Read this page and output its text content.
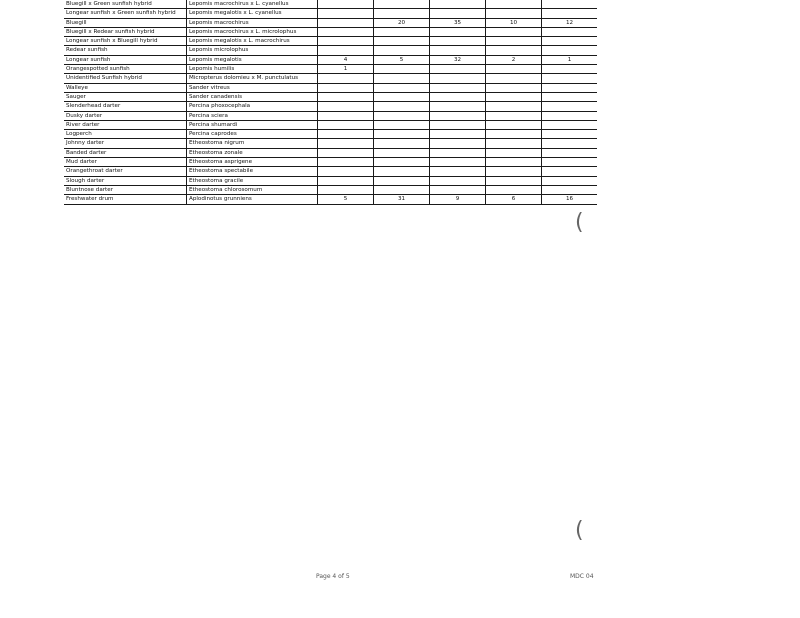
Bluegill x Green sunfish hybrid	Lepomis macrochirus x L. cyanellus					
Longear sunfish x Green sunfish hybrid	Lepomis megalotis x L. cyanellus					
Bluegill	Lepomis macrochirus		20	35	10	12
Bluegill x Redear sunfish hybrid	Lepomis macrochirus x L. microlophus					
Longear sunfish x Bluegill hybrid	Lepomis megalotis x L. macrochirus					
Redear sunfish	Lepomis microlophus					
Longear sunfish	Lepomis megalotis	4	5	32	2	1
Orangespotted sunfish	Lepomis humilis	1				
Unidentified Sunfish hybrid	Micropterus dolomieu x M. punctulatus					
Walleye	Sander vitreus					
Sauger	Sander canadensis					
Slenderhead darter	Percina phoxocephala					
Dusky darter	Percina sciera					
River darter	Percina shumardi					
Logperch	Percina caprodes					
Johnny darter	Etheostoma nigrum					
Banded darter	Etheostoma zonale					
Mud darter	Etheostoma asprigene					
Orangethroat darter	Etheostoma spectabile					
Slough darter	Etheostoma gracile					
Bluntnose darter	Etheostoma chlorosomum					
Freshwater drum	Aplodinotus grunniens	5	31	9	6	16
(
(
Page 4 of 5	MDC 04
